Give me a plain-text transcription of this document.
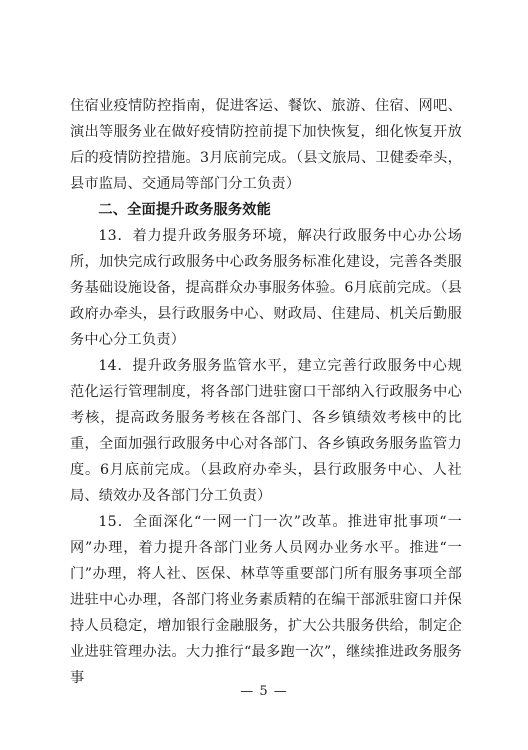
住宿业疫情防控指南，促进客运、餐饮、旅游、住宿、网吧、演出等服务业在做好疫情防控前提下加快恢复，细化恢复开放后的疫情防控措施。3月底前完成。（县文旅局、卫健委牵头，县市监局、交通局等部门分工负责）

二、全面提升政务服务效能

13．着力提升政务服务环境，解决行政服务中心办公场所，加快完成行政服务中心政务服务标准化建设，完善各类服务基础设施设备，提高群众办事服务体验。6月底前完成。（县政府办牵头，县行政服务中心、财政局、住建局、机关后勤服务中心分工负责）

14．提升政务服务监管水平，建立完善行政服务中心规范化运行管理制度，将各部门进驻窗口干部纳入行政服务中心考核，提高政务服务考核在各部门、各乡镇绩效考核中的比重，全面加强行政服务中心对各部门、各乡镇政务服务监管力度。6月底前完成。（县政府办牵头，县行政服务中心、人社局、绩效办及各部门分工负责）

15．全面深化“一网一门一次”改革。推进审批事项“一网”办理，着力提升各部门业务人员网办业务水平。推进“一门”办理，将人社、医保、林草等重要部门所有服务事项全部进驻中心办理，各部门将业务素质精的在编干部派驻窗口并保持人员稳定，增加银行金融服务，扩大公共服务供给，制定企业进驻管理办法。大力推行“最多跑一次”，继续推进政务服务事

— 5 —
